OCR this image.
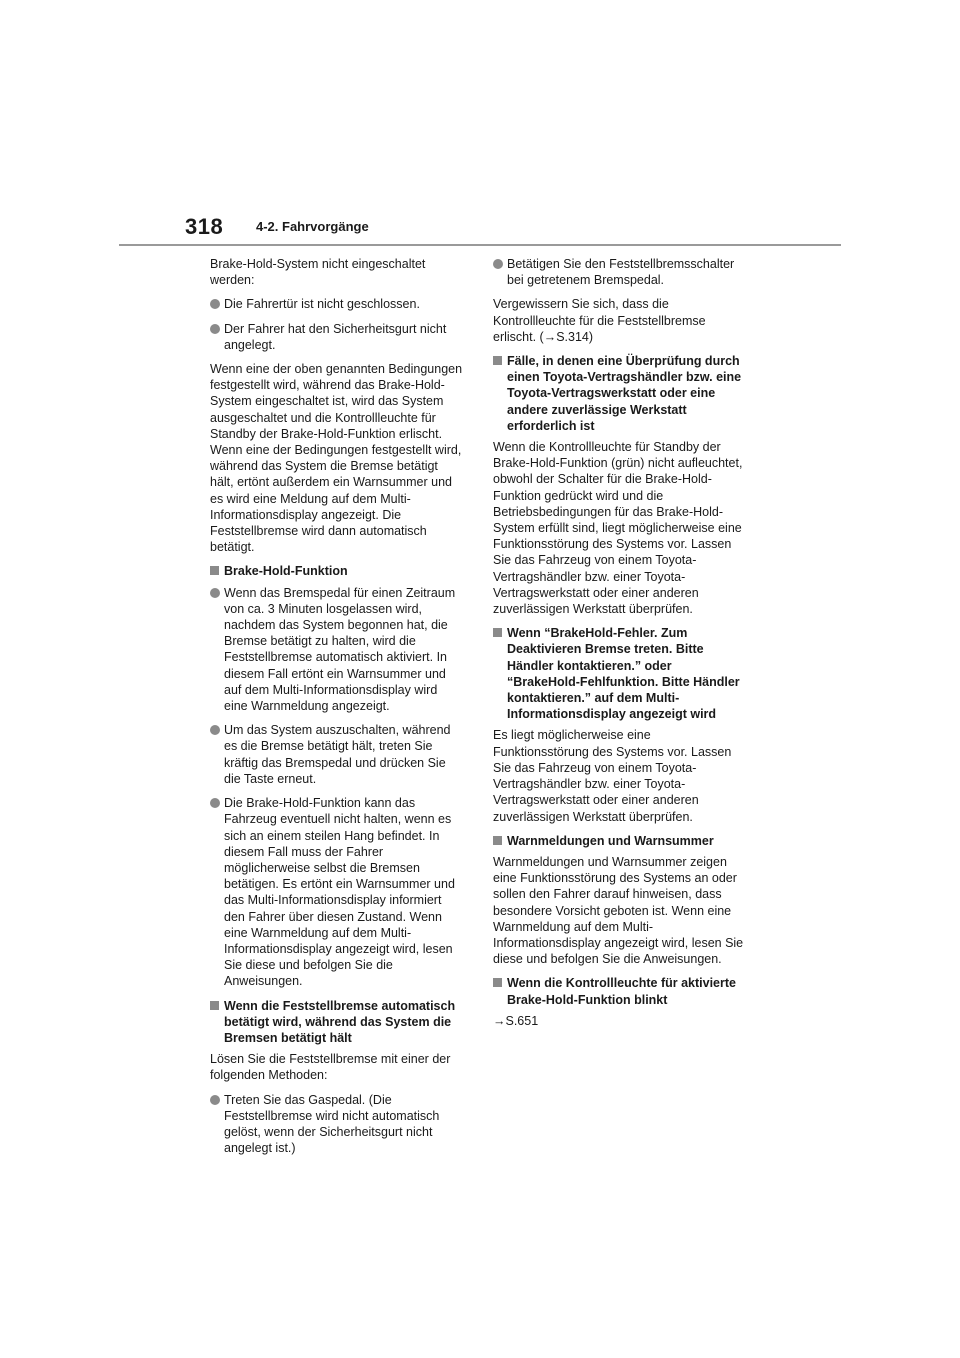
318	4-2. Fahrvorgänge

Brake-Hold-System nicht eingeschaltet werden:

Die Fahrertür ist nicht geschlossen.
Der Fahrer hat den Sicherheitsgurt nicht angelegt.

Wenn eine der oben genannten Bedingungen festgestellt wird, während das Brake-Hold-System eingeschaltet ist, wird das System ausgeschaltet und die Kontrollleuchte für Standby der Brake-Hold-Funktion erlischt. Wenn eine der Bedingungen festgestellt wird, während das System die Bremse betätigt hält, ertönt außerdem ein Warnsummer und es wird eine Meldung auf dem Multi-Informationsdisplay angezeigt. Die Feststellbremse wird dann automatisch betätigt.

Brake-Hold-Funktion
Wenn das Bremspedal für einen Zeitraum von ca. 3 Minuten losgelassen wird, nachdem das System begonnen hat, die Bremse betätigt zu halten, wird die Feststellbremse automatisch aktiviert. In diesem Fall ertönt ein Warnsummer und auf dem Multi-Informationsdisplay wird eine Warnmeldung angezeigt.
Um das System auszuschalten, während es die Bremse betätigt hält, treten Sie kräftig das Bremspedal und drücken Sie die Taste erneut.
Die Brake-Hold-Funktion kann das Fahrzeug eventuell nicht halten, wenn es sich an einem steilen Hang befindet. In diesem Fall muss der Fahrer möglicherweise selbst die Bremsen betätigen. Es ertönt ein Warnsummer und das Multi-Informationsdisplay informiert den Fahrer über diesen Zustand. Wenn eine Warnmeldung auf dem Multi-Informationsdisplay angezeigt wird, lesen Sie diese und befolgen Sie die Anweisungen.
Wenn die Feststellbremse automatisch betätigt wird, während das System die Bremsen betätigt hält

Lösen Sie die Feststellbremse mit einer der folgenden Methoden:

Treten Sie das Gaspedal. (Die Feststellbremse wird nicht automatisch gelöst, wenn der Sicherheitsgurt nicht angelegt ist.)
Betätigen Sie den Feststellbremsschalter bei getretenem Bremspedal.

Vergewissern Sie sich, dass die Kontrollleuchte für die Feststellbremse erlischt. (→S.314)

Fälle, in denen eine Überprüfung durch einen Toyota-Vertragshändler bzw. eine Toyota-Vertragswerkstatt oder eine andere zuverlässige Werkstatt erforderlich ist

Wenn die Kontrollleuchte für Standby der Brake-Hold-Funktion (grün) nicht aufleuchtet, obwohl der Schalter für die Brake-Hold-Funktion gedrückt wird und die Betriebsbedingungen für das Brake-Hold-System erfüllt sind, liegt möglicherweise eine Funktionsstörung des Systems vor. Lassen Sie das Fahrzeug von einem Toyota-Vertragshändler bzw. einer Toyota-Vertragswerkstatt oder einer anderen zuverlässigen Werkstatt überprüfen.

Wenn “BrakeHold-Fehler. Zum Deaktivieren Bremse treten. Bitte Händler kontaktieren.” oder “BrakeHold-Fehlfunktion. Bitte Händler kontaktieren.” auf dem Multi-Informationsdisplay angezeigt wird

Es liegt möglicherweise eine Funktionsstörung des Systems vor. Lassen Sie das Fahrzeug von einem Toyota-Vertragshändler bzw. einer Toyota-Vertragswerkstatt oder einer anderen zuverlässigen Werkstatt überprüfen.

Warnmeldungen und Warnsummer

Warnmeldungen und Warnsummer zeigen eine Funktionsstörung des Systems an oder sollen den Fahrer darauf hinweisen, dass besondere Vorsicht geboten ist. Wenn eine Warnmeldung auf dem Multi-Informationsdisplay angezeigt wird, lesen Sie diese und befolgen Sie die Anweisungen.

Wenn die Kontrollleuchte für aktivierte Brake-Hold-Funktion blinkt

→S.651
